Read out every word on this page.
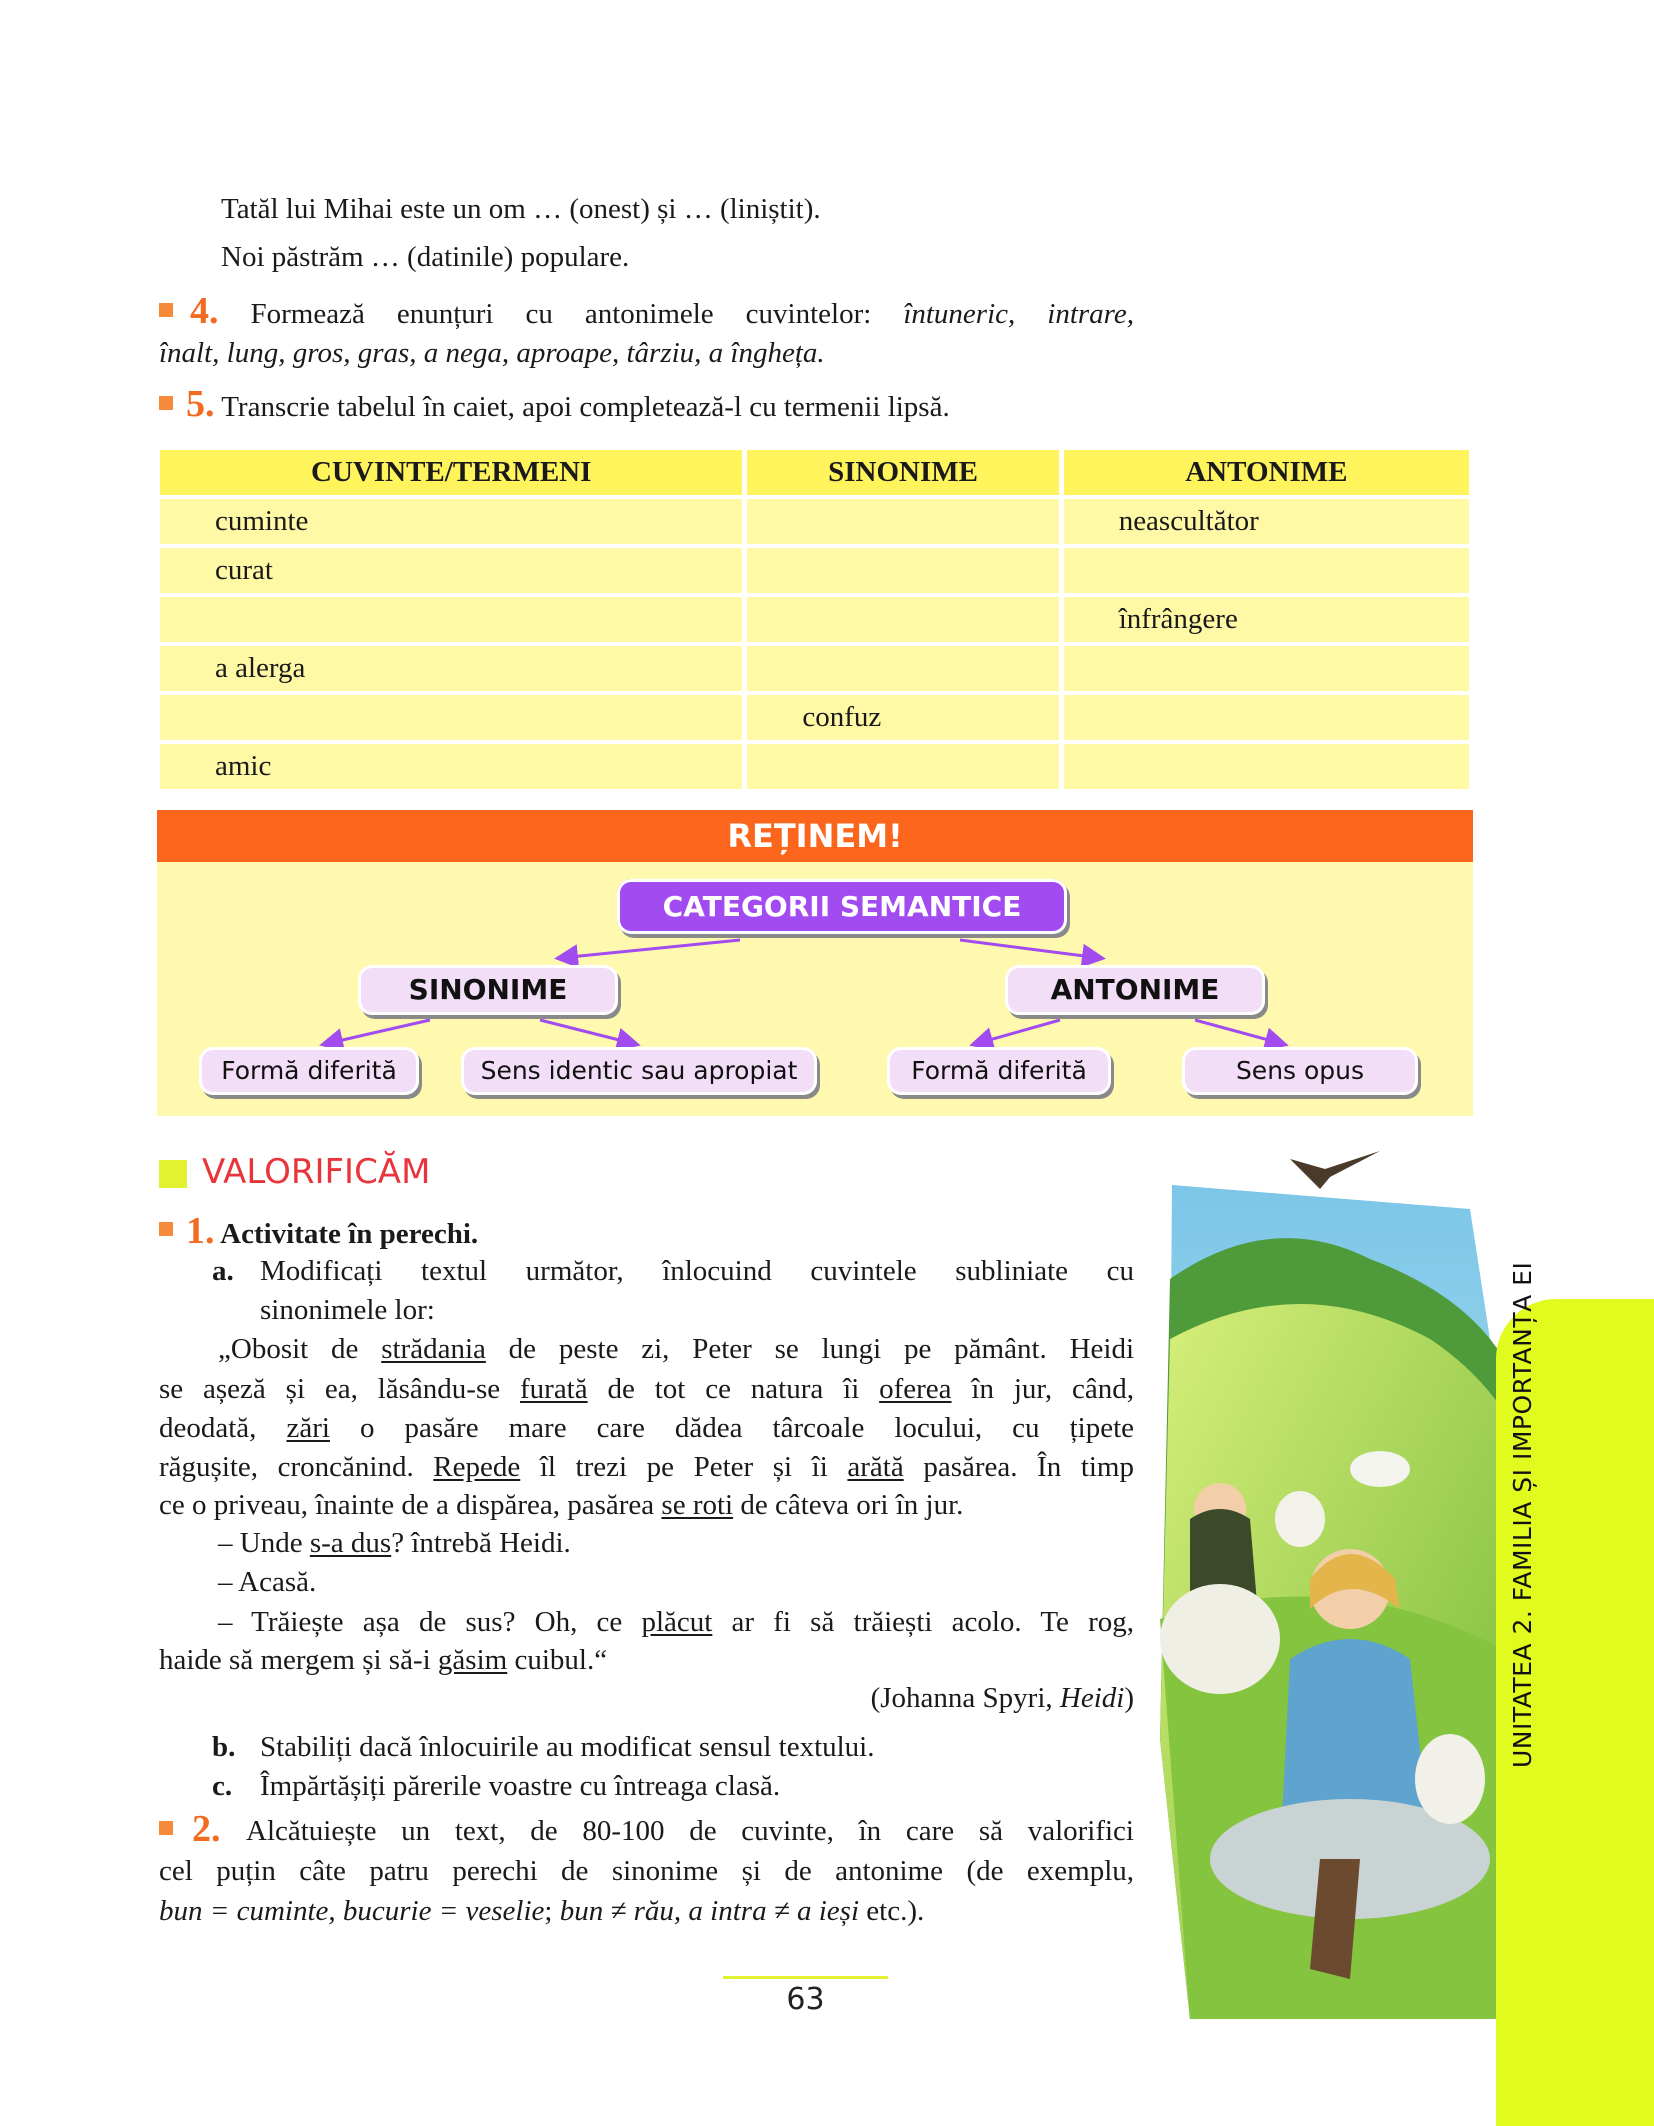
Tatăl lui Mihai este un om … (onest) și … (liniștit).
Noi păstrăm … (datinile) populare.
4. Formează enunțuri cu antonimele cuvintelor: întuneric, intrare,
înalt, lung, gros, gras, a nega, aproape, târziu, a îngheța.
5. Transcrie tabelul în caiet, apoi completează-l cu termenii lipsă.
CUVINTE/TERMENI	SINONIME	ANTONIME
cuminte		neascultător
curat		
		înfrângere
a alerga		
	confuz	
amic		
REȚINEM!
CATEGORII SEMANTICE
SINONIME	ANTONIME
Formă diferită	Sens identic sau apropiat	Formă diferită	Sens opus
VALORIFICĂM
1. Activitate în perechi.
a. Modificați textul următor, înlocuind cuvintele subliniate cu
sinonimele lor:
„Obosit de strădania de peste zi, Peter se lungi pe pământ. Heidi
se așeză și ea, lăsându-se furată de tot ce natura îi oferea în jur, când,
deodată, zări o pasăre mare care dădea târcoale locului, cu țipete
răgușite, croncănind. Repede îl trezi pe Peter și îi arătă pasărea. În timp
ce o priveau, înainte de a dispărea, pasărea se roti de câteva ori în jur.
– Unde s-a dus? întrebă Heidi.
– Acasă.
– Trăiește așa de sus? Oh, ce plăcut ar fi să trăiești acolo. Te rog,
haide să mergem și să-i găsim cuibul.“
(Johanna Spyri, Heidi)
b. Stabiliți dacă înlocuirile au modificat sensul textului.
c. Împărtășiți părerile voastre cu întreaga clasă.
2. Alcătuiește un text, de 80-100 de cuvinte, în care să valorifici
cel puțin câte patru perechi de sinonime și de antonime (de exemplu,
bun = cuminte, bucurie = veselie; bun ≠ rău, a intra ≠ a ieși etc.).
UNITATEA 2. FAMILIA ȘI IMPORTANȚA EI
63
